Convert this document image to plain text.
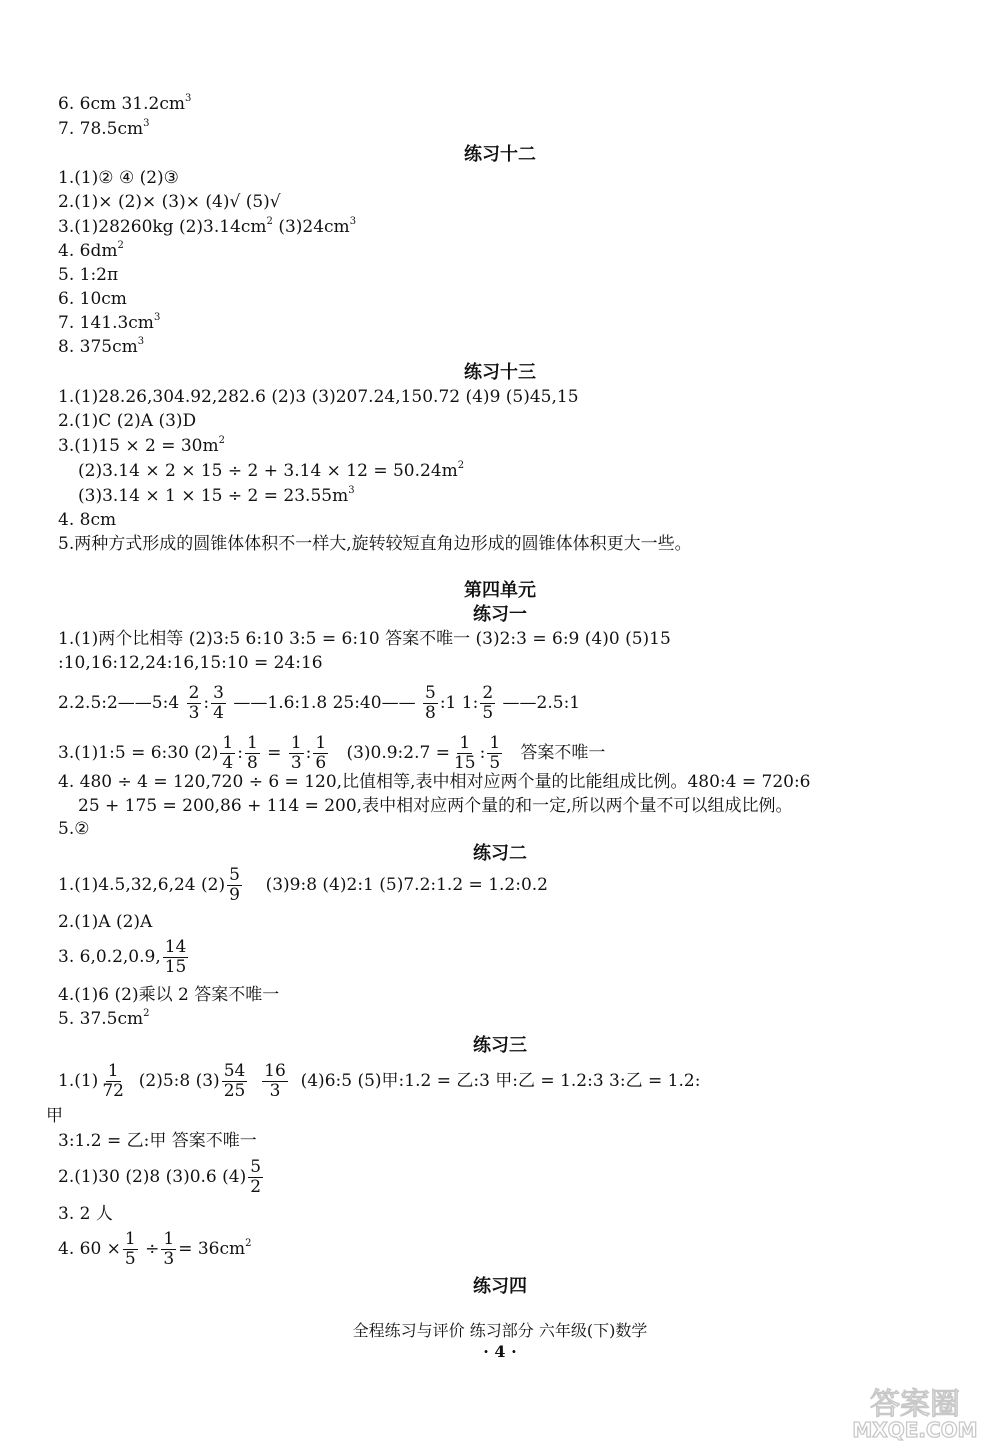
6. 6cm $31.2cm^3$
7. $78.5cm^3$
练习十二
1.(1)② ④ (2)③
2.(1)× (2)× (3)× (4)√ (5)√
3.(1)28260kg $(2)3.14cm^2$ $(3)24cm^3$
4. $6dm^2$
5. 1:2π
6. 10cm
7. $141.3cm^3$
8. $375cm^3$
练习十三
1.(1)28.26,304.92,282.6 (2)3 (3)207.24,150.72 (4)9 (5)45,15
2.(1)C (2)A (3)D
$3.(1)15 \times 2 = 30m^2$
$(2)3.14 \times 2 \times 15 \div 2 + 3.14 \times 12 = 50.24m^2$
$(3)3.14 \times 1 \times 15 \div 2 = 23.55m^3$
4. 8cm
5.两种方式形成的圆锥体体积不一样大,旋转较短直角边形成的圆锥体体积更大一些。
第四单元
练习一
1.(1)两个比相等 (2)3:5 6:10 3:5 = 6:10 答案不唯一 (3)2:3 = 6:9 (4)0 (5)15
:10,16:12,24:16,15:10 = 24:16
2.2.5:2——5:4 $\frac{2}{3}$ : $\frac{3}{4}$ ——1.6:1.8 25:40—— $\frac{5}{8}$ :1 1: $\frac{2}{5}$ ——2.5:1
3.(1)1:5 = 6:30 $(2) \frac{1}{4}$ : $\frac{1}{8} = \frac{1}{3}$ : $\frac{1}{6}$ (3)0.9:2.7 = $\frac{1}{15}$ : $\frac{1}{5}$ 答案不唯一
4. 480 ÷ 4 = 120,720 ÷ 6 = 120,比值相等,表中相对应两个量的比能组成比例。480:4 = 720:6
25 + 175 = 200,86 + 114 = 200,表中相对应两个量的和一定,所以两个量不可以组成比例。
5.②
练习二
1.(1)4.5,32,6,24 $(2) \frac{5}{9}$ (3)9:8 (4)2:1 (5)7.2:1.2 = 1.2:0.2
2.(1)A (2)A
3. 6,0.2,0.9, $\frac{14}{15}$
4.(1)6 (2)乘以 2 答案不唯一
5. $37.5cm^2$
练习三
$1.(1) \frac{1}{72}$ (2)5:8 $(3) \frac{54}{25}$
$\frac{16}{3}$ (4)6:5 (5)甲:1.2 = 乙:3 甲:乙 = 1.2:3 3:乙 = 1.2:
甲
3:1.2 = 乙:甲 答案不唯一
2.(1)30 (2)8 (3)0.6 $(4) \frac{5}{2}$
3. 2 人
4. $60 \times \frac{1}{5} \div \frac{1}{3} = 36cm^2$
练习四
全程练习与评价 练习部分 六年级(下)数学
· 4 ·
答案圈
MXQE.COM
